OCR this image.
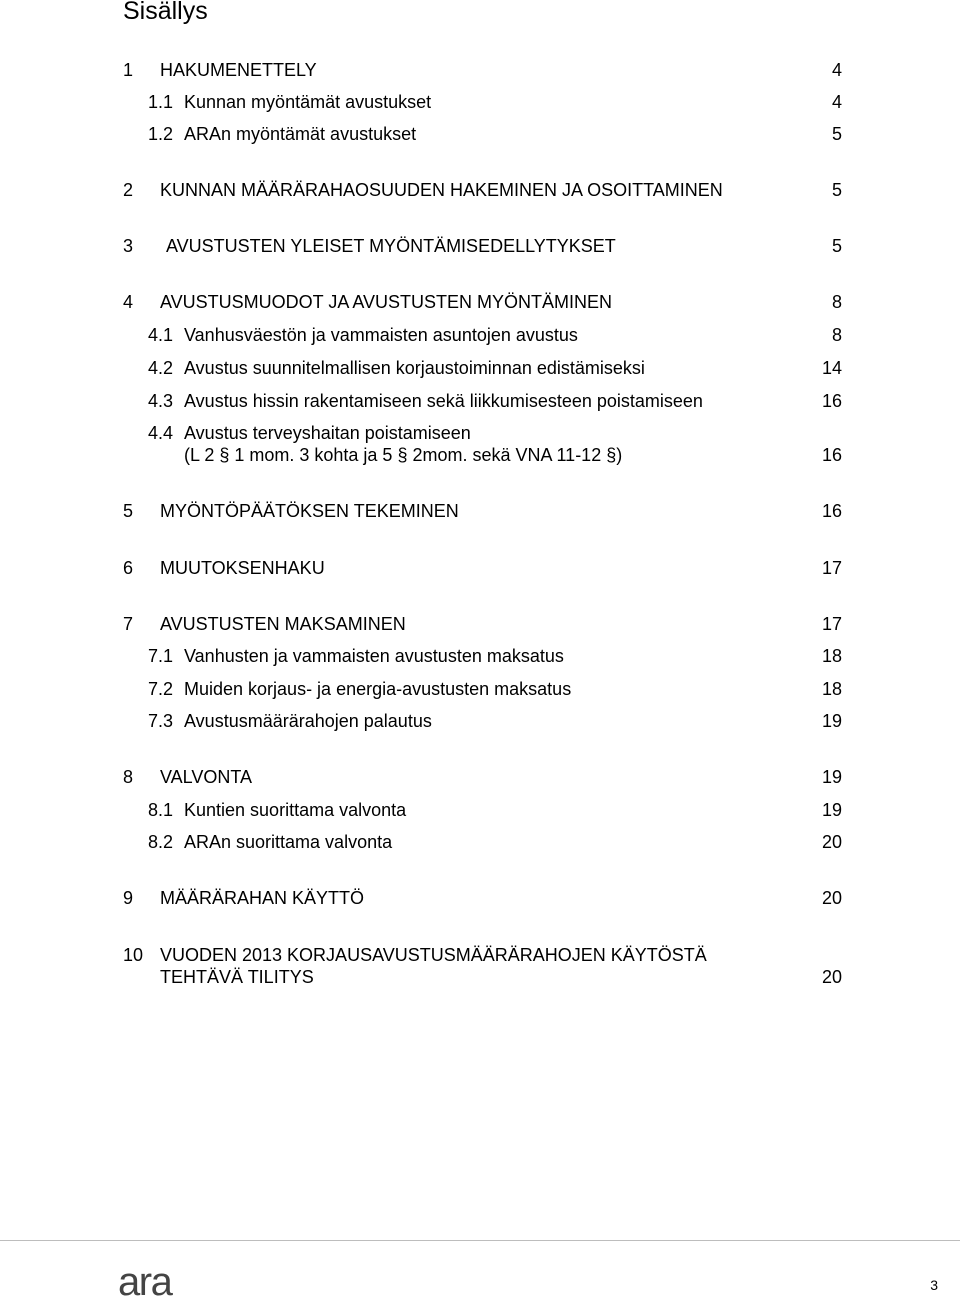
Sisällys
1 HAKUMENETTELY	4
1.1 Kunnan myöntämät avustukset	4
1.2 ARAn myöntämät avustukset	5
2 KUNNAN MÄÄRÄRAHAOSUUDEN HAKEMINEN JA OSOITTAMINEN	5
3 AVUSTUSTEN YLEISET MYÖNTÄMISEDELLYTYKSET	5
4 AVUSTUSMUODOT JA AVUSTUSTEN MYÖNTÄMINEN	8
4.1 Vanhusväestön ja vammaisten asuntojen avustus	8
4.2 Avustus suunnitelmallisen korjaustoiminnan edistämiseksi	14
4.3 Avustus hissin rakentamiseen sekä liikkumisesteen poistamiseen	16
4.4 Avustus terveyshaitan poistamiseen
(L 2 § 1 mom. 3 kohta ja 5 § 2mom. sekä VNA 11-12 §)	16
5 MYÖNTÖPÄÄTÖKSEN TEKEMINEN	16
6 MUUTOKSENHAKU	17
7 AVUSTUSTEN MAKSAMINEN	17
7.1 Vanhusten ja vammaisten avustusten maksatus	18
7.2 Muiden korjaus- ja energia-avustusten maksatus	18
7.3 Avustusmäärärahojen palautus	19
8 VALVONTA	19
8.1 Kuntien suorittama valvonta	19
8.2 ARAn suorittama valvonta	20
9 MÄÄRÄRAHAN KÄYTTÖ	20
10 VUODEN 2013 KORJAUSAVUSTUSMÄÄRÄRAHOJEN KÄYTÖSTÄ
TEHTÄVÄ TILITYS	20
ara	3
